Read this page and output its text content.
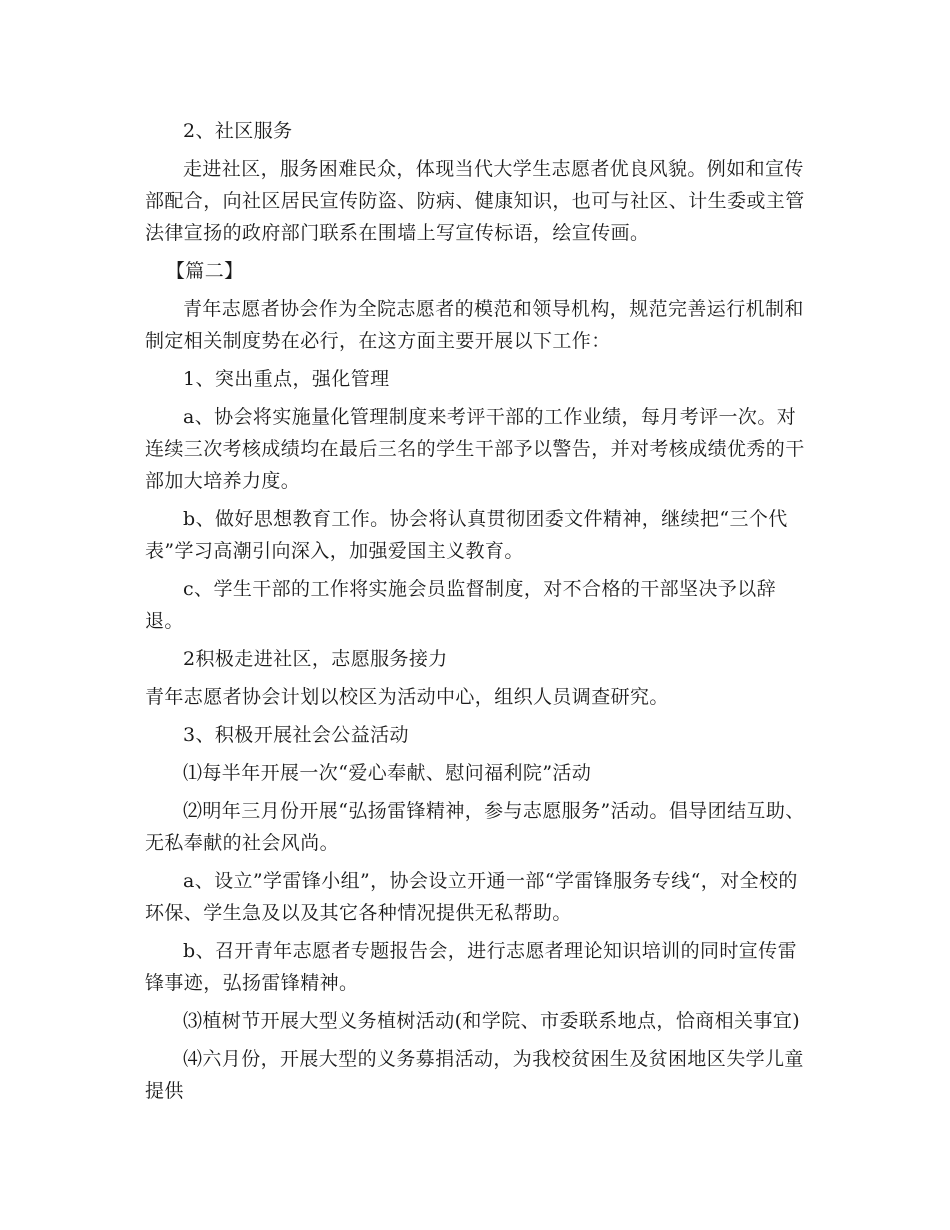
2、社区服务

走进社区，服务困难民众，体现当代大学生志愿者优良风貌。例如和宣传部配合，向社区居民宣传防盗、防病、健康知识，也可与社区、计生委或主管法律宣扬的政府部门联系在围墙上写宣传标语，绘宣传画。

【篇二】

青年志愿者协会作为全院志愿者的模范和领导机构，规范完善运行机制和制定相关制度势在必行，在这方面主要开展以下工作：

1、突出重点，强化管理

a、协会将实施量化管理制度来考评干部的工作业绩，每月考评一次。对连续三次考核成绩均在最后三名的学生干部予以警告，并对考核成绩优秀的干部加大培养力度。

b、做好思想教育工作。协会将认真贯彻团委文件精神，继续把“三个代表”学习高潮引向深入，加强爱国主义教育。

c、学生干部的工作将实施会员监督制度，对不合格的干部坚决予以辞退。

2积极走进社区，志愿服务接力

青年志愿者协会计划以校区为活动中心，组织人员调查研究。

3、积极开展社会公益活动

⑴每半年开展一次“爱心奉献、慰问福利院”活动

⑵明年三月份开展“弘扬雷锋精神，参与志愿服务”活动。倡导团结互助、无私奉献的社会风尚。

a、设立”学雷锋小组”，协会设立开通一部“学雷锋服务专线“，对全校的环保、学生急及以及其它各种情况提供无私帮助。

b、召开青年志愿者专题报告会，进行志愿者理论知识培训的同时宣传雷锋事迹，弘扬雷锋精神。

⑶植树节开展大型义务植树活动(和学院、市委联系地点，恰商相关事宜)

⑷六月份，开展大型的义务募捐活动，为我校贫困生及贫困地区失学儿童提供
